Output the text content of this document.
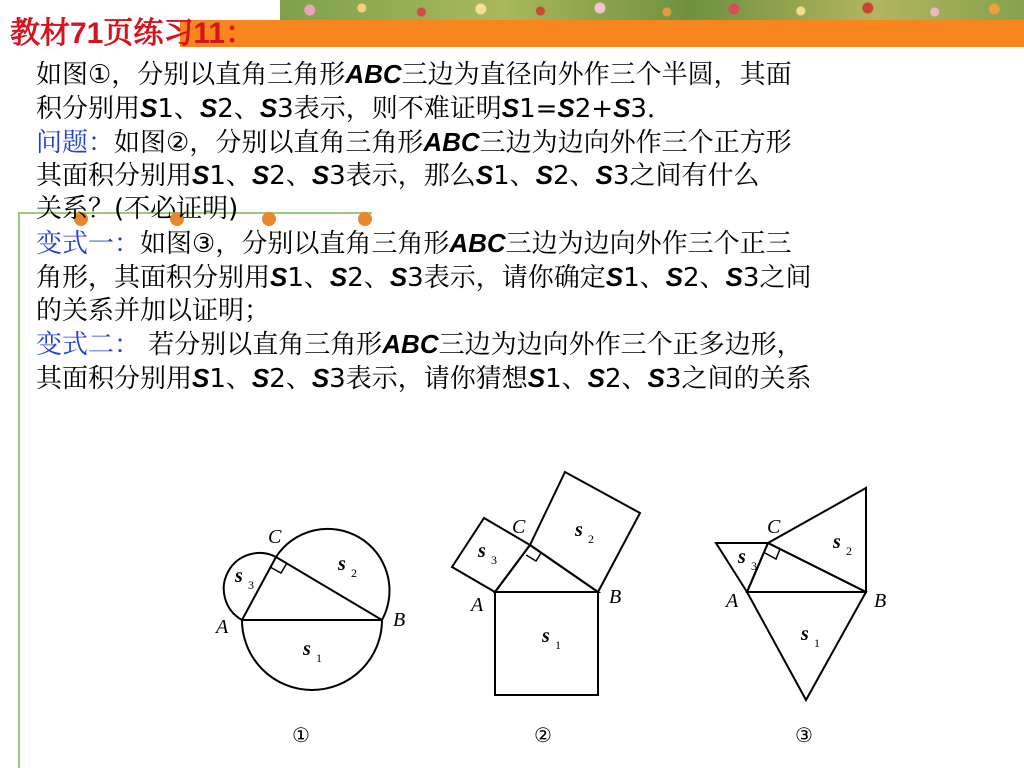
教材71页练习11：
如图①，分别以直角三角形ABC三边为直径向外作三个半圆，其面
积分别用S1、S2、S3表示，则不难证明S1=S2+S3．
问题：如图②，分别以直角三角形ABC三边为边向外作三个正方形
其面积分别用S1、S2、S3表示，那么S1、S2、S3之间有什么
关系？(不必证明)
变式一：如图③，分别以直角三角形ABC三边为边向外作三个正三
角形，其面积分别用S1、S2、S3表示，请你确定S1、S2、S3之间
的关系并加以证明；
变式二： 若分别以直角三角形ABC三边为边向外作三个正多边形，
其面积分别用S1、S2、S3表示，请你猜想S1、S2、S3之间的关系
C
A	B
s 3
s 2
s 1
①
C
A	B
s 3
s 2
s 1
②
C
A	B
s 3
s 2
s 1
③
